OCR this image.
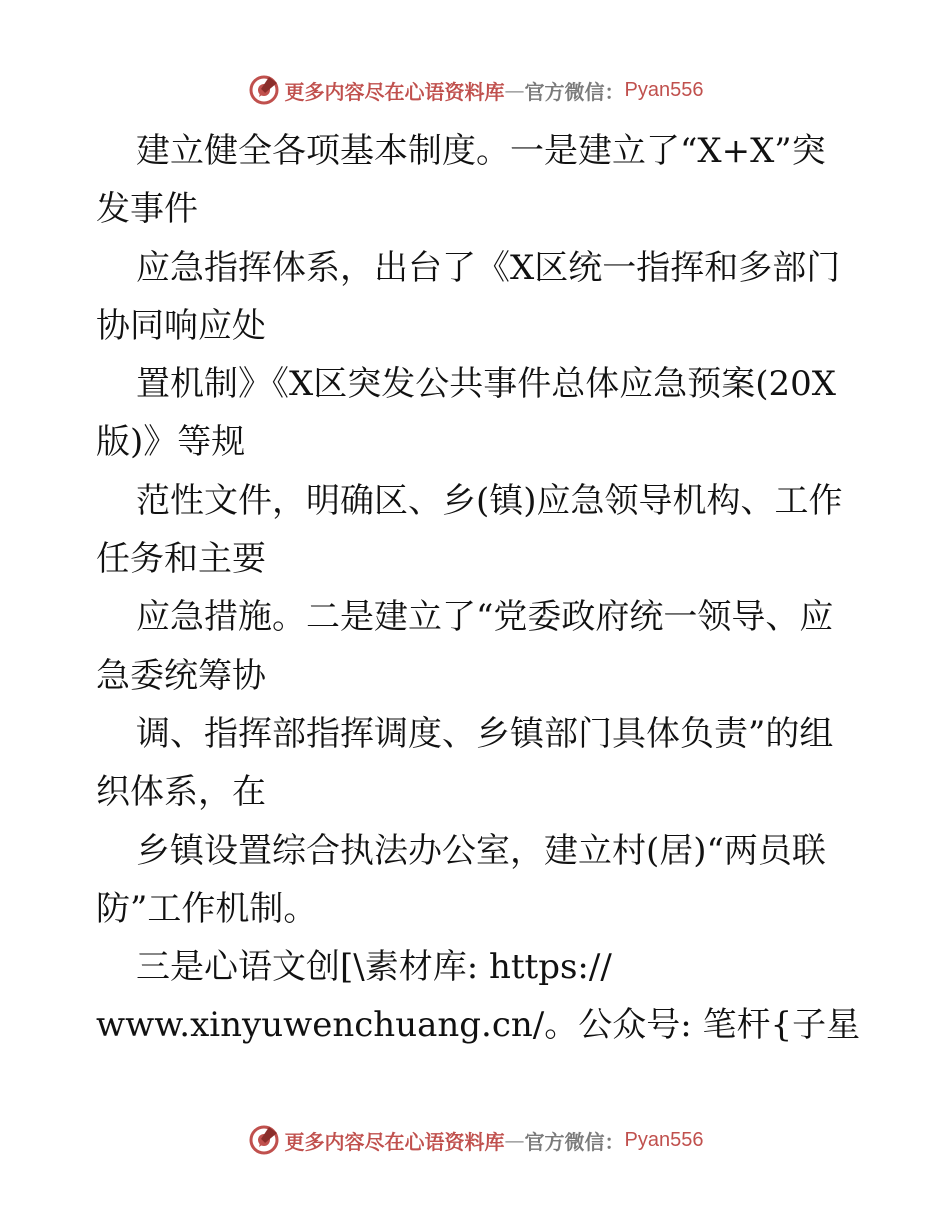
更多内容尽在心语资料库 — 官方微信： Pyan556
建立健全各项基本制度。一是建立了“X+X”突
发事件
应急指挥体系，出台了《X区统一指挥和多部门
协同响应处
置机制》《X区突发公共事件总体应急预案(20X
版)》等规
范性文件，明确区、乡(镇)应急领导机构、工作
任务和主要
应急措施。二是建立了“党委政府统一领导、应
急委统筹协
调、指挥部指挥调度、乡镇部门具体负责”的组
织体系，在
乡镇设置综合执法办公室，建立村(居)“两员联
防”工作机制。
三是心语文创[\素材库: https://
www.xinyuwenchuang.cn/。公众号: 笔杆{子星
更多内容尽在心语资料库 — 官方微信： Pyan556
